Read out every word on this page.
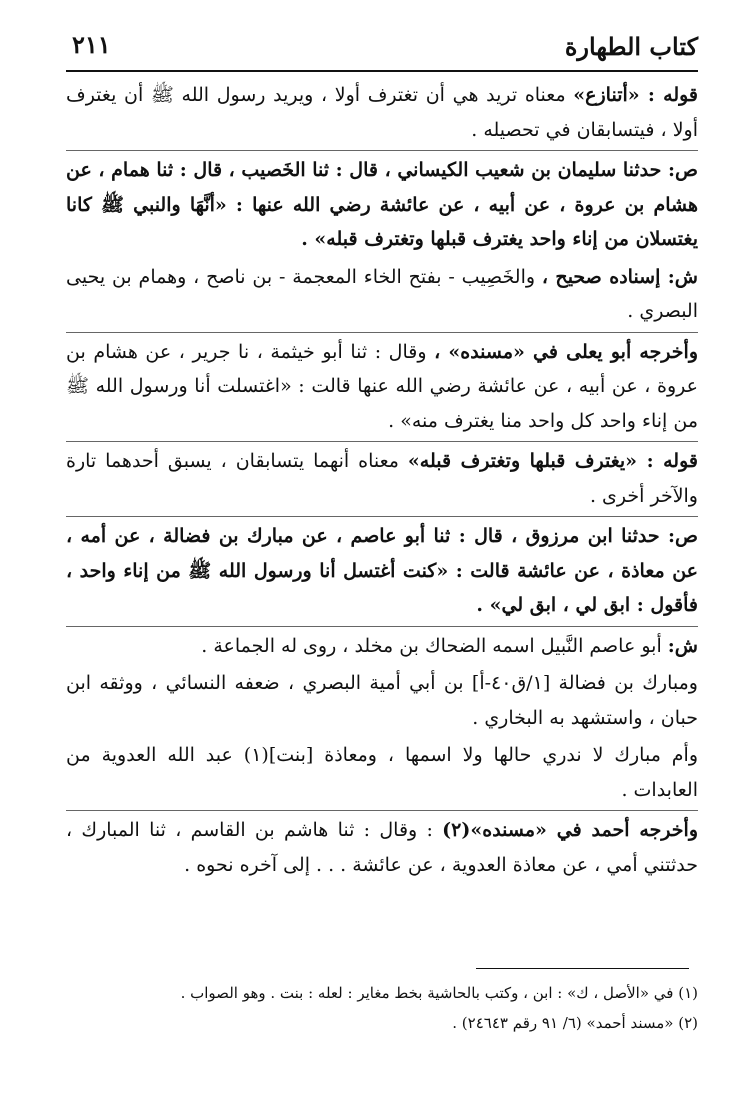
كتاب الطهارة
٢١١

قوله : «أتنازع» معناه تريد هي أن تغترف أولا ، ويريد رسول الله ﷺ أن يغترف أولا ، فيتسابقان في تحصيله .

ص: حدثنا سليمان بن شعيب الكيساني ، قال : ثنا الخَصيب ، قال : ثنا همام ، عن هشام بن عروة ، عن أبيه ، عن عائشة رضي الله عنها : «أنَّهَا والنبي ﷺ كانا يغتسلان من إناء واحد يغترف قبلها وتغترف قبله» .

ش: إسناده صحيح ، والخَصِيب - بفتح الخاء المعجمة - بن ناصح ، وهمام بن يحيى البصري .

وأخرجه أبو يعلى في «مسنده» ، وقال : ثنا أبو خيثمة ، نا جرير ، عن هشام بن عروة ، عن أبيه ، عن عائشة رضي الله عنها قالت : «اغتسلت أنا ورسول الله ﷺ من إناء واحد كل واحد منا يغترف منه» .

قوله : «يغترف قبلها وتغترف قبله» معناه أنهما يتسابقان ، يسبق أحدهما تارة والآخر أخرى .

ص: حدثنا ابن مرزوق ، قال : ثنا أبو عاصم ، عن مبارك بن فضالة ، عن أمه ، عن معاذة ، عن عائشة قالت : «كنت أغتسل أنا ورسول الله ﷺ من إناء واحد ، فأقول : ابق لي ، ابق لي» .

ش: أبو عاصم النَّبيل اسمه الضحاك بن مخلد ، روى له الجماعة .

ومبارك بن فضالة [١/ق٤٠-أ] بن أبي أمية البصري ، ضعفه النسائي ، ووثقه ابن حبان ، واستشهد به البخاري .

وأم مبارك لا ندري حالها ولا اسمها ، ومعاذة [بنت](١) عبد الله العدوية من العابدات .

وأخرجه أحمد في «مسنده»(٢) : وقال : ثنا هاشم بن القاسم ، ثنا المبارك ، حدثتني أمي ، عن معاذة العدوية ، عن عائشة . . . إلى آخره نحوه .

(١) في «الأصل ، ك» : ابن ، وكتب بالحاشية بخط مغاير : لعله : بنت . وهو الصواب .

(٢) «مسند أحمد» (٦/ ٩١ رقم ٢٤٦٤٣) .
